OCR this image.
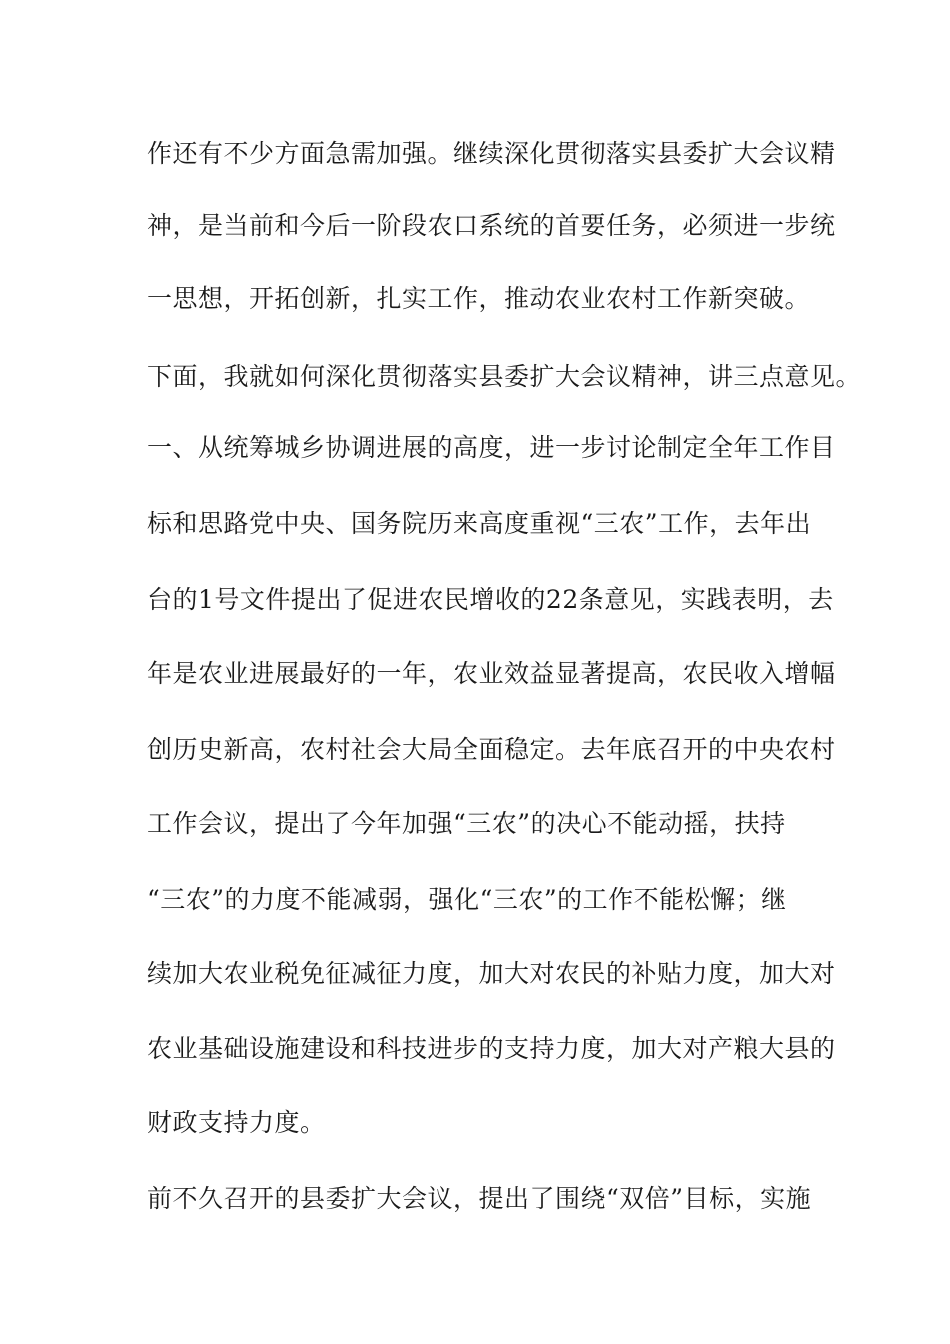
作还有不少方面急需加强。继续深化贯彻落实县委扩大会议精
神，是当前和今后一阶段农口系统的首要任务，必须进一步统
一思想，开拓创新，扎实工作，推动农业农村工作新突破。
下面，我就如何深化贯彻落实县委扩大会议精神，讲三点意见。
一、从统筹城乡协调进展的高度，进一步讨论制定全年工作目
标和思路党中央、国务院历来高度重视“三农”工作，去年出
台的1号文件提出了促进农民增收的22条意见，实践表明，去
年是农业进展最好的一年，农业效益显著提高，农民收入增幅
创历史新高，农村社会大局全面稳定。去年底召开的中央农村
工作会议，提出了今年加强“三农”的决心不能动摇，扶持
“三农”的力度不能减弱，强化“三农”的工作不能松懈；继
续加大农业税免征减征力度，加大对农民的补贴力度，加大对
农业基础设施建设和科技进步的支持力度，加大对产粮大县的
财政支持力度。
前不久召开的县委扩大会议，提出了围绕“双倍”目标，实施
